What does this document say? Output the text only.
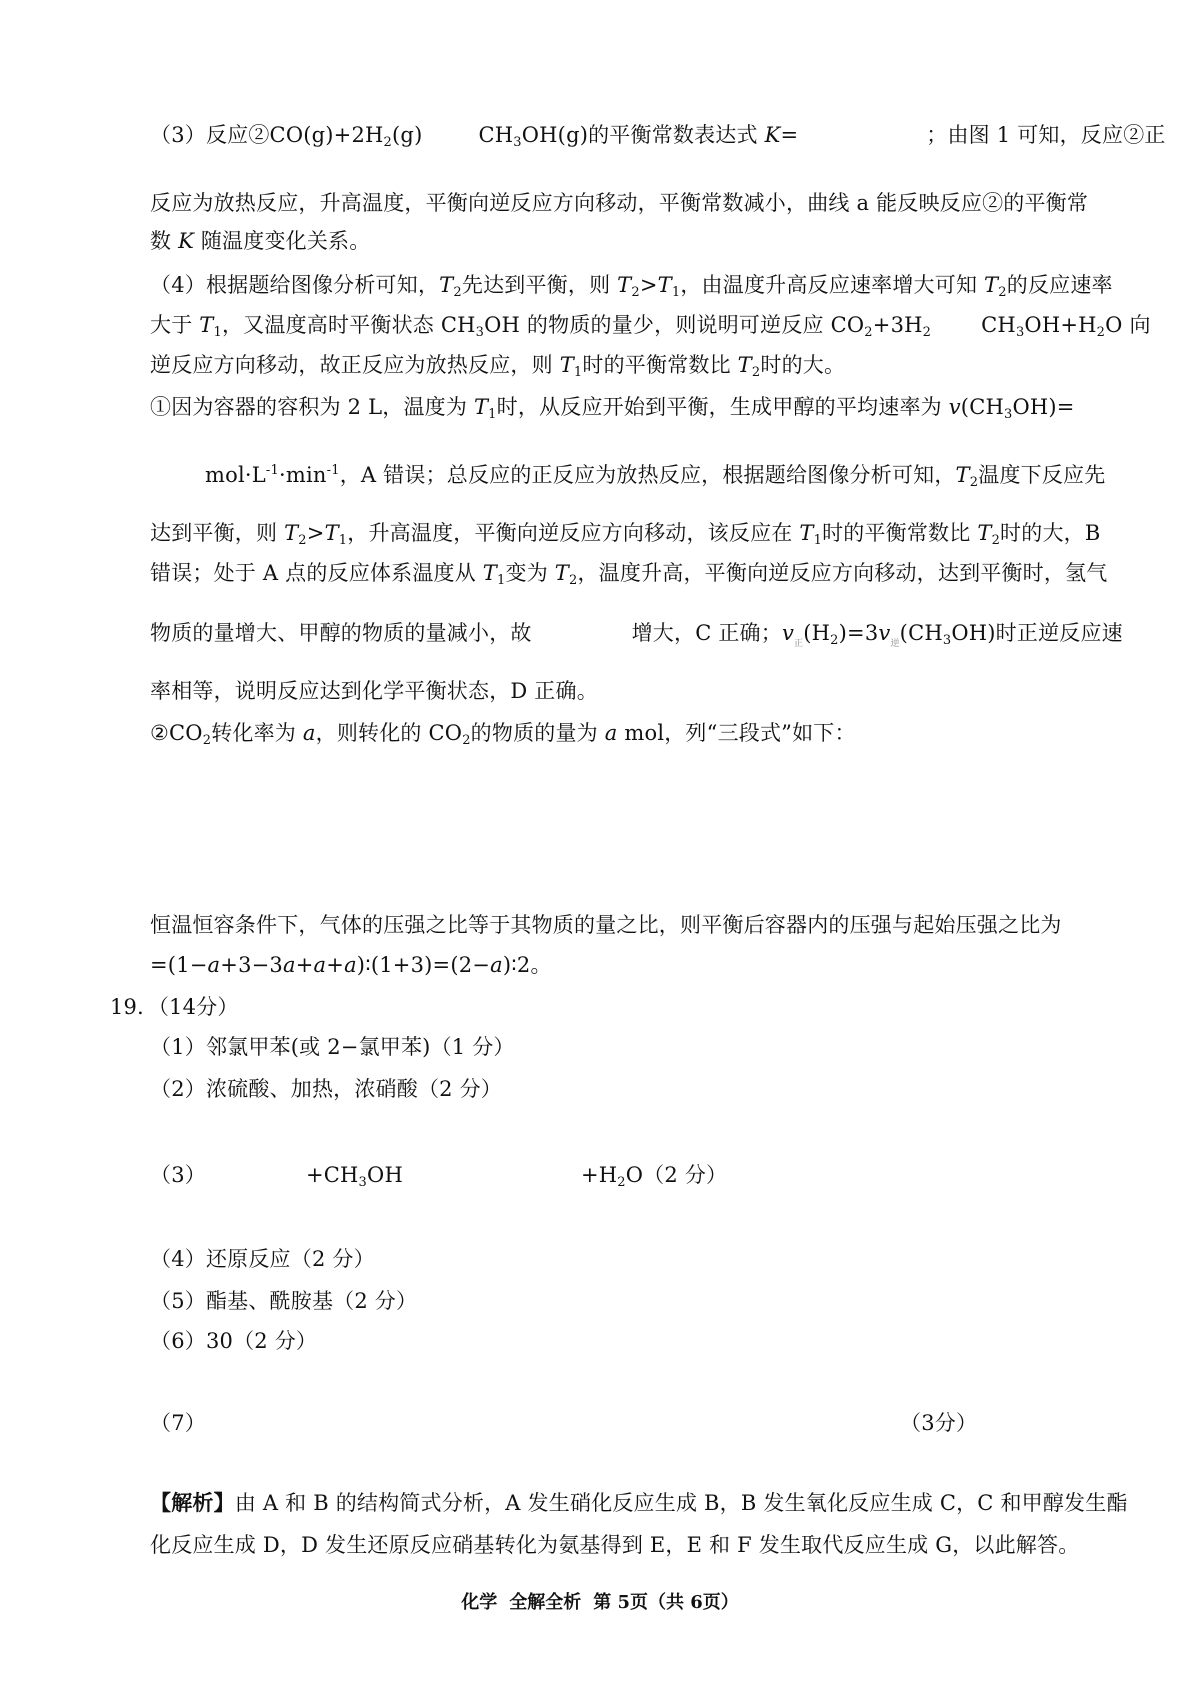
（3）反应$②CO(g)+2H_2(g)$	$CH_3OH(g)$的平衡常数表达式 K=	；由图 1 可知，反应②正
反应为放热反应，升高温度，平衡向逆反应方向移动，平衡常数减小，曲线 a 能反映反应②的平衡常
数 K 随温度变化关系。
（4）根据题给图像分析可知，$T_2$先达到平衡，则 $T_2>T_1$，由温度升高反应速率增大可知 $T_2$的反应速率
大于 $T_1$，又温度高时平衡状态 $CH_3OH$ 的物质的量少，则说明可逆反应 $CO_2+3H_2$ $CH_3OH+H_2O$ 向
逆反应方向移动，故正反应为放热反应，则 $T_1$时的平衡常数比 $T_2$时的大。
①因为容器的容积为 2 L，温度为 $T_1$时，从反应开始到平衡，生成甲醇的平均速率为 $v(CH_3OH)=$
$mol\cdot L^{-1}\cdot\min^{-1}$，A 错误；总反应的正反应为放热反应，根据题给图像分析可知，$T_2$温度下反应先
达到平衡，则 $T_2>T_1$，升高温度，平衡向逆反应方向移动，该反应在 $T_1$时的平衡常数比 $T_2$时的大，B
错误；处于 A 点的反应体系温度从 $T_1$变为 $T_2$，温度升高，平衡向逆反应方向移动，达到平衡时，氢气
物质的量增大、甲醇的物质的量减小，故	增大，C 正确；$v_正(H_2)=3v_逆(CH_3OH)$时正逆反应速
率相等，说明反应达到化学平衡状态，D 正确。
$②CO_2$转化率为 a，则转化的 $CO_2$的物质的量为 a mol，列“三段式”如下：
恒温恒容条件下，气体的压强之比等于其物质的量之比，则平衡后容器内的压强与起始压强之比为
=(1−a+3−3a+a+a)∶(1+3)=(2−a)∶2。
19．（14分）
（1）邻氯甲苯(或 2−氯甲苯)（1 分）
（2）浓硫酸、加热，浓硝酸（2 分）
（3）	$+CH_3OH$	$+H_2O(2$ 分）
（4）还原反应（2 分）
（5）酯基、酰胺基（2 分）
（6）30（2 分）
（7）	（3分）
【解析】由 A 和 B 的结构简式分析，A 发生硝化反应生成 B，B 发生氧化反应生成 C，C 和甲醇发生酯
化反应生成 D，D 发生还原反应硝基转化为氨基得到 E，E 和 F 发生取代反应生成 G，以此解答。
化学 全解全析 第 5页（共 6页）
